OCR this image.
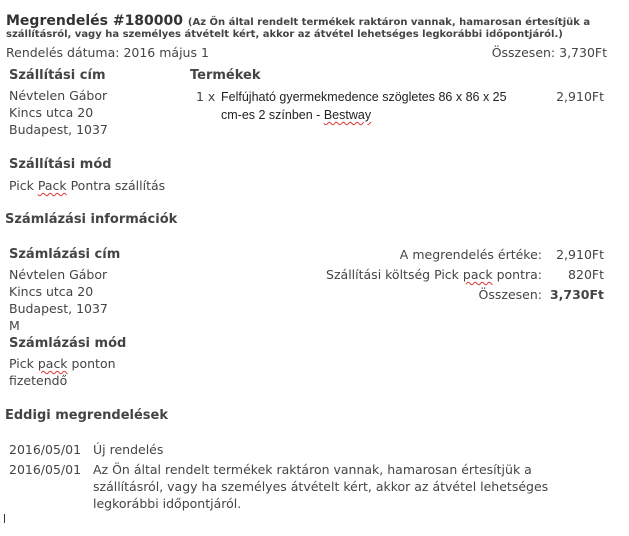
Megrendelés #180000 (Az Ön által rendelt termékek raktáron vannak, hamarosan értesítjük a
szállításról, vagy ha személyes átvételt kért, akkor az átvétel lehetséges legkorábbi időpontjáról.)
Rendelés dátuma: 2016 május 1	Összesen: 3,730Ft
Szállítási cím
Névtelen Gábor
Kincs utca 20
Budapest, 1037
Termékek
1 x Felfújható gyermekmedence szögletes 86 x 86 x 25
cm-es 2 színben - Bestway
2,910Ft
Szállítási mód
Pick Pack Pontra szállítás
Számlázási információk
Számlázási cím
Névtelen Gábor
Kincs utca 20
Budapest, 1037
M
A megrendelés értéke: 2,910Ft
Szállítási költség Pick pack pontra: 820Ft
Összesen: 3,730Ft
Számlázási mód
Pick pack ponton
fizetendő
Eddigi megrendelések
2016/05/01 Új rendelés
2016/05/01 Az Ön által rendelt termékek raktáron vannak, hamarosan értesítjük a
szállításról, vagy ha személyes átvételt kért, akkor az átvétel lehetséges
legkorábbi időpontjáról.
